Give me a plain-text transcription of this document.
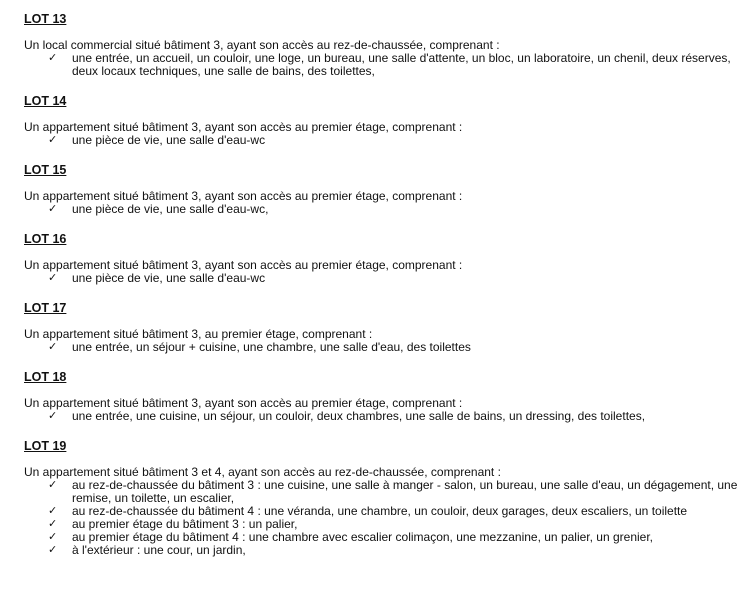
LOT 13
Un local commercial situé bâtiment 3, ayant son accès au rez-de-chaussée, comprenant :
✓ une entrée, un accueil, un couloir, une loge, un bureau, une salle d'attente, un bloc, un laboratoire, un chenil, deux réserves, deux locaux techniques, une salle de bains, des toilettes,
LOT 14
Un appartement situé bâtiment 3, ayant son accès au premier étage, comprenant :
✓ une pièce de vie, une salle d'eau-wc
LOT 15
Un appartement situé bâtiment 3, ayant son accès au premier étage, comprenant :
✓ une pièce de vie, une salle d'eau-wc,
LOT 16
Un appartement situé bâtiment 3, ayant son accès au premier étage, comprenant :
✓ une pièce de vie, une salle d'eau-wc
LOT 17
Un appartement situé bâtiment 3, au premier étage, comprenant :
✓ une entrée, un séjour + cuisine, une chambre, une salle d'eau, des toilettes
LOT 18
Un appartement situé bâtiment 3, ayant son accès au premier étage, comprenant :
✓ une entrée, une cuisine, un séjour, un couloir, deux chambres, une salle de bains, un dressing, des toilettes,
LOT 19
Un appartement situé bâtiment 3 et 4, ayant son accès au rez-de-chaussée, comprenant :
✓ au rez-de-chaussée du bâtiment 3 : une cuisine, une salle à manger - salon, un bureau, une salle d'eau, un dégagement, une remise, un toilette, un escalier,
✓ au rez-de-chaussée du bâtiment 4 : une véranda, une chambre, un couloir, deux garages, deux escaliers, un toilette
✓ au premier étage du bâtiment 3 : un palier,
✓ au premier étage du bâtiment 4 : une chambre avec escalier colimaçon, une mezzanine, un palier, un grenier,
✓ à l'extérieur : une cour, un jardin,
